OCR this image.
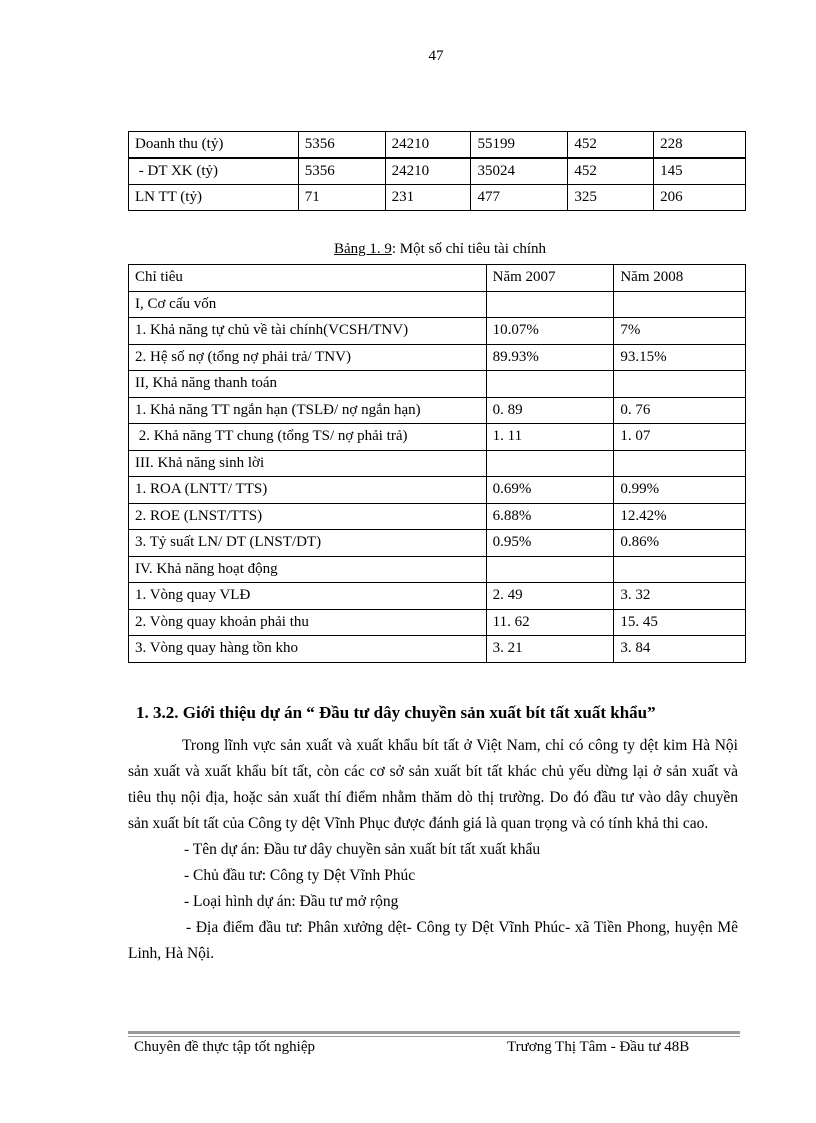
47
Doanh thu (tỷ)	5356	24210	55199	452	228
- DT XK (tỷ)	5356	24210	35024	452	145
LN TT (tỷ)	71	231	477	325	206
Bảng 1. 9: Một số chỉ tiêu tài chính
Chỉ tiêu	Năm 2007	Năm 2008
I, Cơ cấu vốn		
1. Khả năng tự chủ về tài chính(VCSH/TNV)	10.07%	7%
2. Hệ số nợ (tổng nợ phải trả/ TNV)	89.93%	93.15%
II, Khả năng thanh toán		
1. Khả năng TT ngắn hạn (TSLĐ/ nợ ngắn hạn)	0. 89	0. 76
2. Khả năng TT chung (tổng TS/ nợ phải trả)	1. 11	1. 07
III. Khả năng sinh lời		
1. ROA (LNTT/ TTS)	0.69%	0.99%
2. ROE (LNST/TTS)	6.88%	12.42%
3. Tỷ suất LN/ DT (LNST/DT)	0.95%	0.86%
IV. Khả năng hoạt động		
1. Vòng quay VLĐ	2. 49	3. 32
2. Vòng quay khoản phải thu	11. 62	15. 45
3. Vòng quay hàng tồn kho	3. 21	3. 84
1. 3.2. Giới thiệu dự án “ Đầu tư dây chuyền sản xuất bít tất xuất khẩu”

Trong lĩnh vực sản xuất và xuất khẩu bít tất ở Việt Nam, chỉ có công ty dệt kim Hà Nội sản xuất và xuất khẩu bít tất, còn các cơ sở sản xuất bít tất khác chủ yếu dừng lại ở sản xuất và tiêu thụ nội địa, hoặc sản xuất thí điểm nhằm thăm dò thị trường. Do đó đầu tư vào dây chuyền sản xuất bít tất của Công ty dệt Vĩnh Phục được đánh giá là quan trọng và có tính khả thi cao.

- Tên dự án: Đầu tư dây chuyền sản xuất bít tất xuất khẩu

- Chủ đầu tư: Công ty Dệt Vĩnh Phúc

- Loại hình dự án: Đầu tư mở rộng

- Địa điểm đầu tư: Phân xưởng dệt- Công ty Dệt Vĩnh Phúc- xã Tiền Phong, huyện Mê Linh, Hà Nội.

Chuyên đề thực tập tốt nghiệp	Trương Thị Tâm - Đầu tư 48B
